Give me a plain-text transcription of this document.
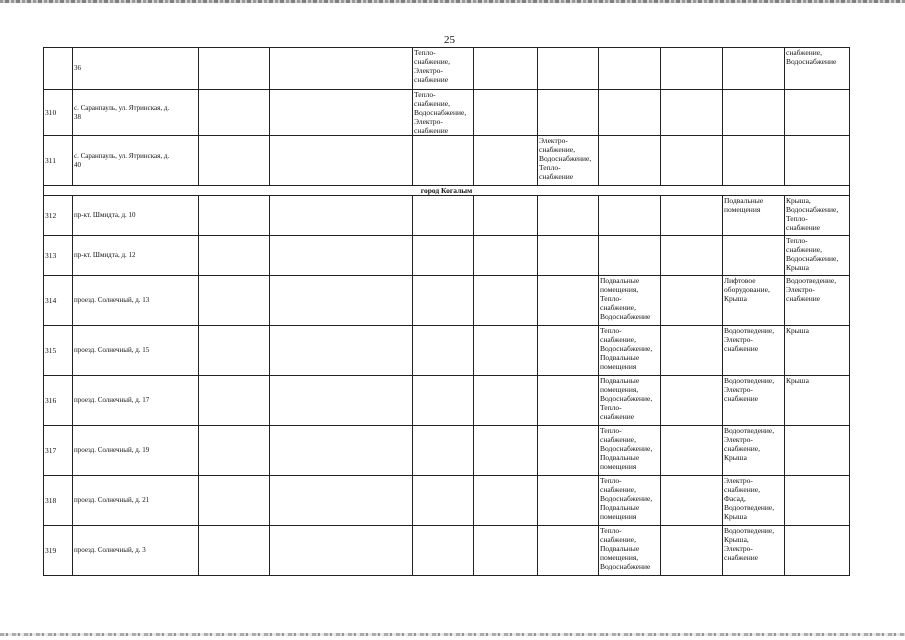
25
	36			Тепло-
снабжение,
Электро-
снабжение						снабжение,
Водоснабжение
310	с. Саранпауль, ул. Ятринская, д.
38			Тепло-
снабжение,
Водоснабжение,
Электро-
снабжение						
311	с. Саранпауль, ул. Ятринская, д.
40					Электро-
снабжение,
Водоснабжение,
Тепло-
снабжение				
город Когалым										
312	пр-кт. Шмидта, д. 10								Подвальные
помещения	Крыша,
Водоснабжение,
Тепло-
снабжение
313	пр-кт. Шмидта, д. 12									Тепло-
снабжение,
Водоснабжение,
Крыша
314	проезд. Солнечный, д. 13						Подвальные
помещения,
Тепло-
снабжение,
Водоснабжение		Лифтовое
оборудование,
Крыша	Водоотведение,
Электро-
снабжение
315	проезд. Солнечный, д. 15						Тепло-
снабжение,
Водоснабжение,
Подвальные
помещения		Водоотведение,
Электро-
снабжение	Крыша
316	проезд. Солнечный, д. 17						Подвальные
помещения,
Водоснабжение,
Тепло-
снабжение		Водоотведение,
Электро-
снабжение	Крыша
317	проезд. Солнечный, д. 19						Тепло-
снабжение,
Водоснабжение,
Подвальные
помещения		Водоотведение,
Электро-
снабжение,
Крыша	
318	проезд. Солнечный, д. 21						Тепло-
снабжение,
Водоснабжение,
Подвальные
помещения		Электро-
снабжение,
Фасад,
Водоотведение,
Крыша	
319	проезд. Солнечный, д. 3						Тепло-
снабжение,
Подвальные
помещения,
Водоснабжение		Водоотведение,
Крыша,
Электро-
снабжение	
